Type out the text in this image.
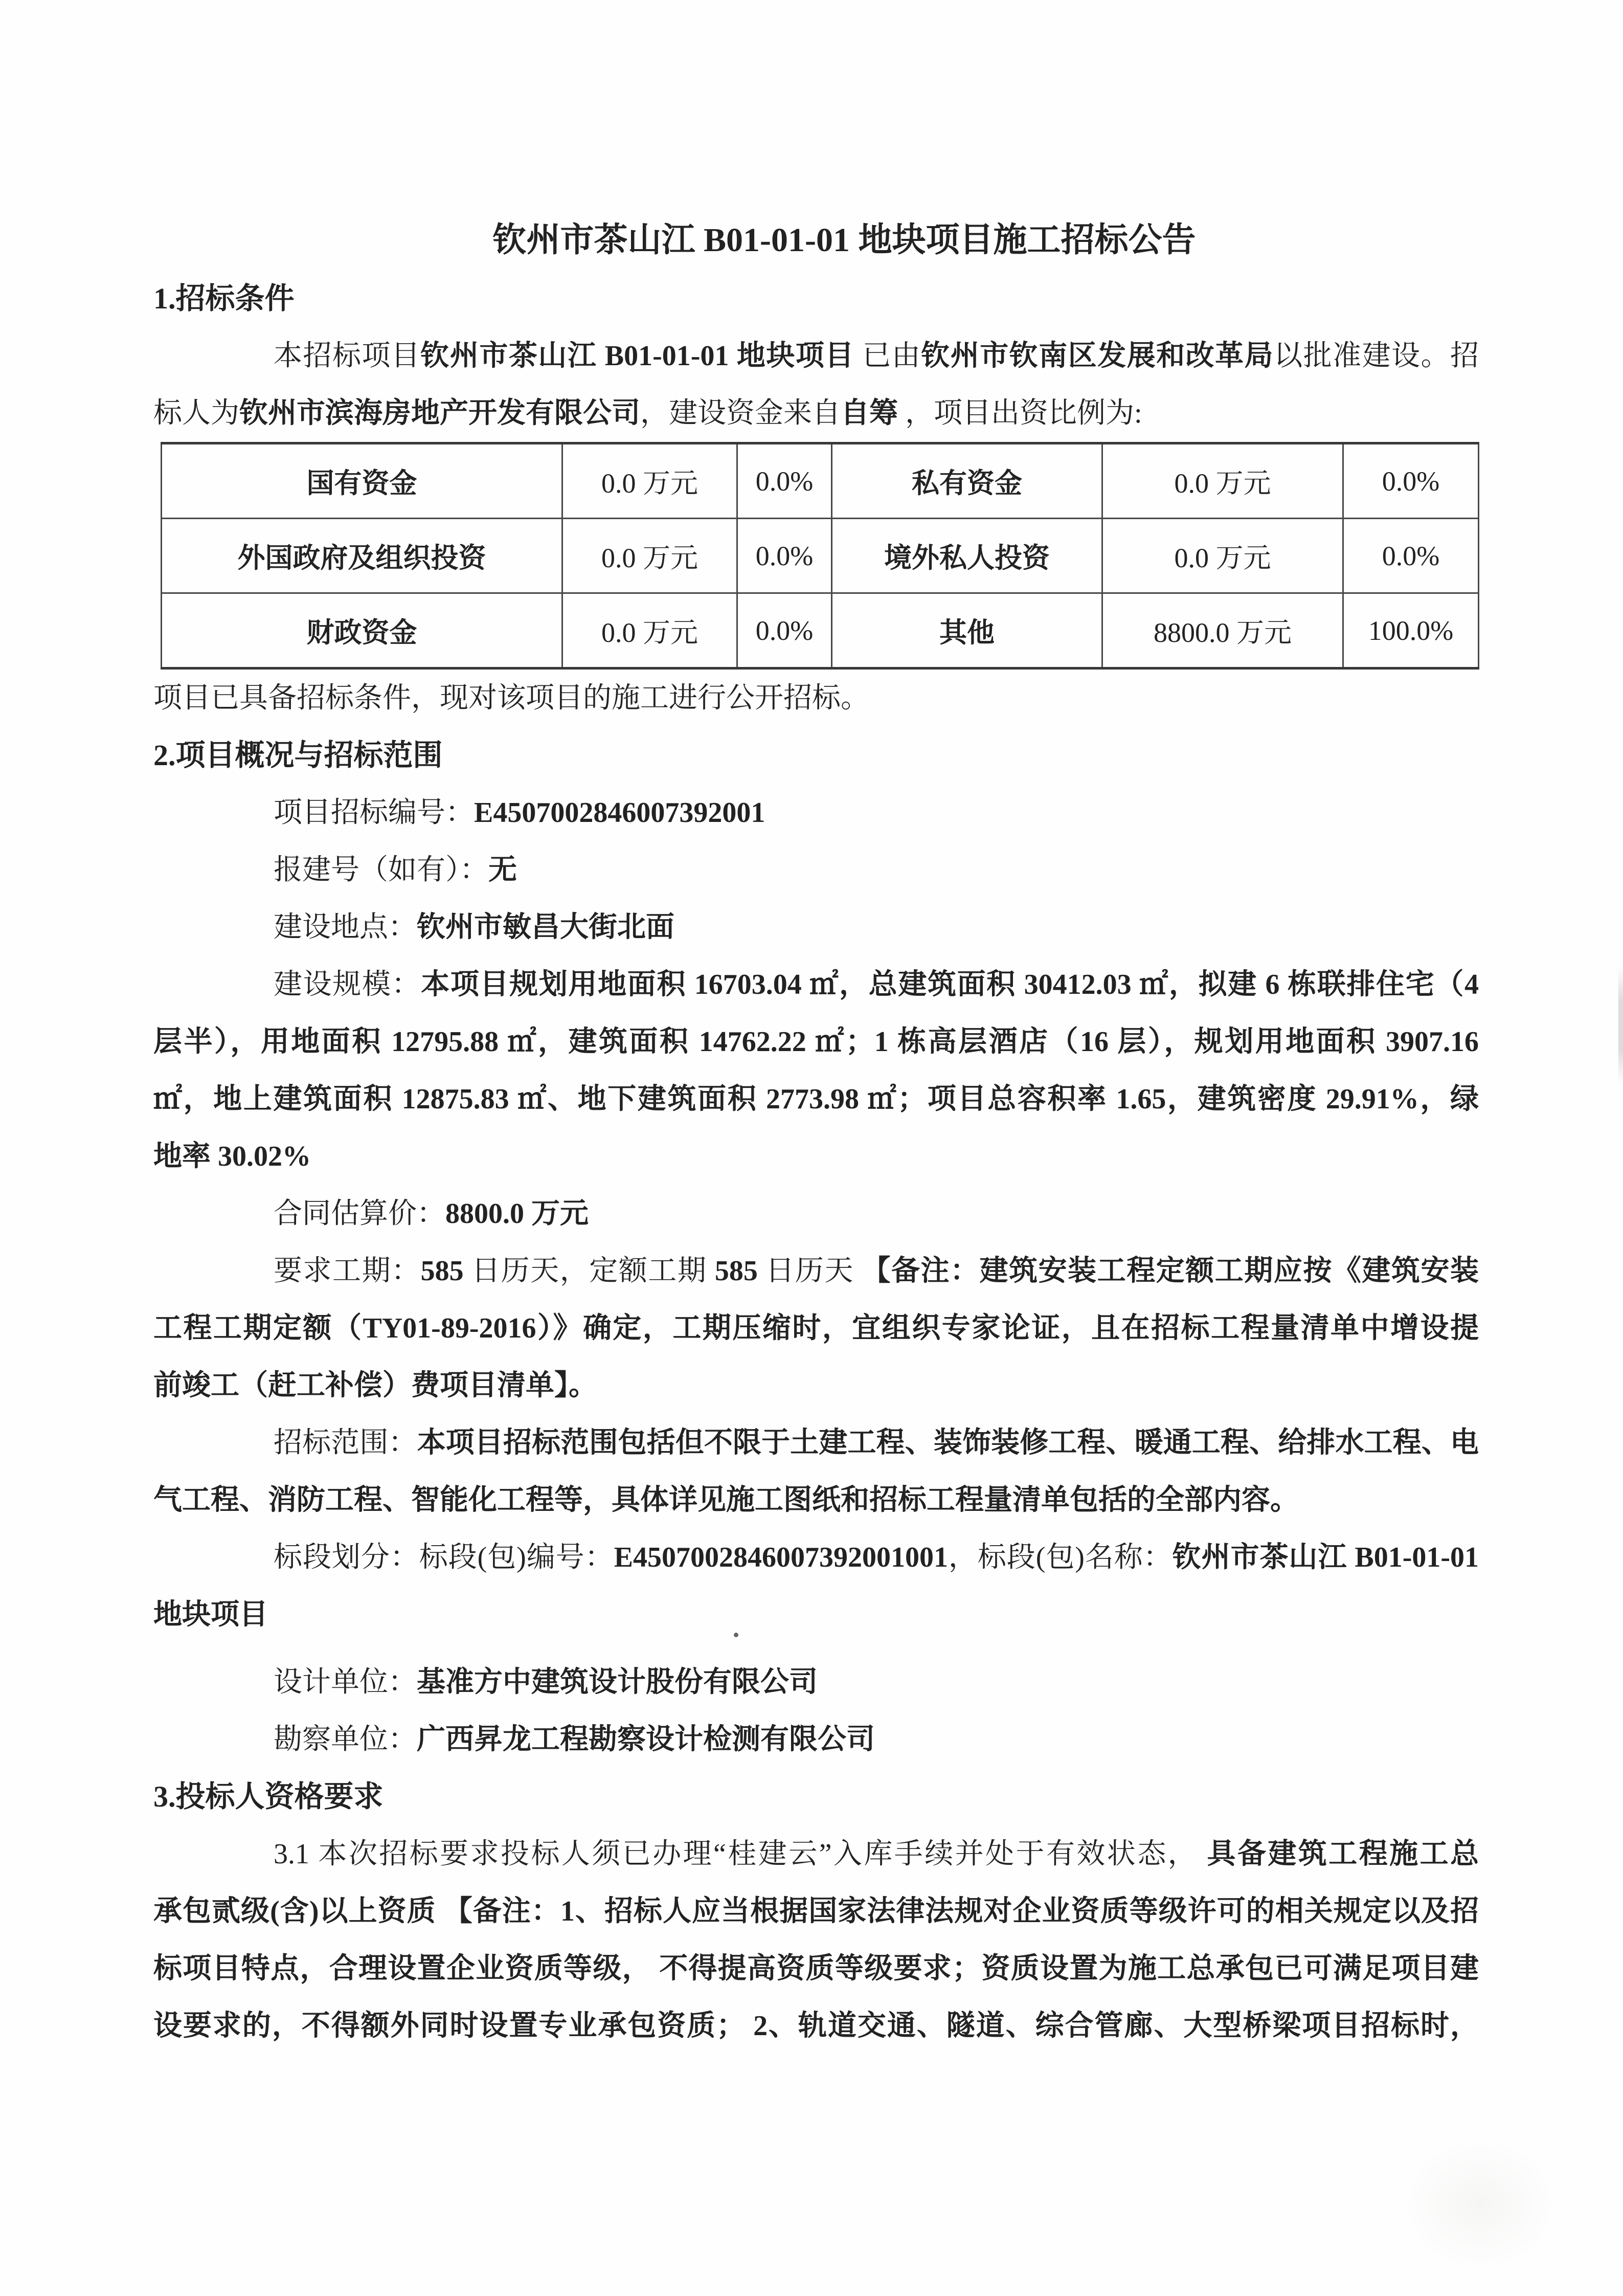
钦州市茶山江 B01-01-01 地块项目施工招标公告
1.招标条件
本招标项目钦州市茶山江 B01-01-01 地块项目 已由钦州市钦南区发展和改革局以批准建设。招
标人为钦州市滨海房地产开发有限公司，建设资金来自自筹 ，项目出资比例为:
国有资金	0.0 万元	0.0%	私有资金	0.0 万元	0.0%
外国政府及组织投资	0.0 万元	0.0%	境外私人投资	0.0 万元	0.0%
财政资金	0.0 万元	0.0%	其他	8800.0 万元	100.0%
项目已具备招标条件，现对该项目的施工进行公开招标。
2.项目概况与招标范围
项目招标编号：E4507002846007392001
报建号（如有）：无
建设地点：钦州市敏昌大街北面
建设规模：本项目规划用地面积 16703.04 ㎡，总建筑面积 30412.03 ㎡，拟建 6 栋联排住宅（4
层半），用地面积 12795.88 ㎡，建筑面积 14762.22 ㎡；1 栋高层酒店（16 层），规划用地面积 3907.16
㎡，地上建筑面积 12875.83 ㎡、地下建筑面积 2773.98 ㎡；项目总容积率 1.65，建筑密度 29.91%，绿
地率 30.02%
合同估算价：8800.0 万元
要求工期：585 日历天，定额工期 585 日历天 【备注：建筑安装工程定额工期应按《建筑安装
工程工期定额（TY01-89-2016）》确定，工期压缩时，宜组织专家论证，且在招标工程量清单中增设提
前竣工（赶工补偿）费项目清单】。
招标范围：本项目招标范围包括但不限于土建工程、装饰装修工程、暖通工程、给排水工程、电
气工程、消防工程、智能化工程等，具体详见施工图纸和招标工程量清单包括的全部内容。
标段划分：标段(包)编号：E4507002846007392001001，标段(包)名称：钦州市茶山江 B01-01-01
地块项目
设计单位：基准方中建筑设计股份有限公司
勘察单位：广西昇龙工程勘察设计检测有限公司
3.投标人资格要求
3.1 本次招标要求投标人须已办理“桂建云”入库手续并处于有效状态， 具备建筑工程施工总
承包贰级(含)以上资质 【备注：1、招标人应当根据国家法律法规对企业资质等级许可的相关规定以及招
标项目特点，合理设置企业资质等级， 不得提高资质等级要求；资质设置为施工总承包已可满足项目建
设要求的，不得额外同时设置专业承包资质； 2、轨道交通、隧道、综合管廊、大型桥梁项目招标时，
